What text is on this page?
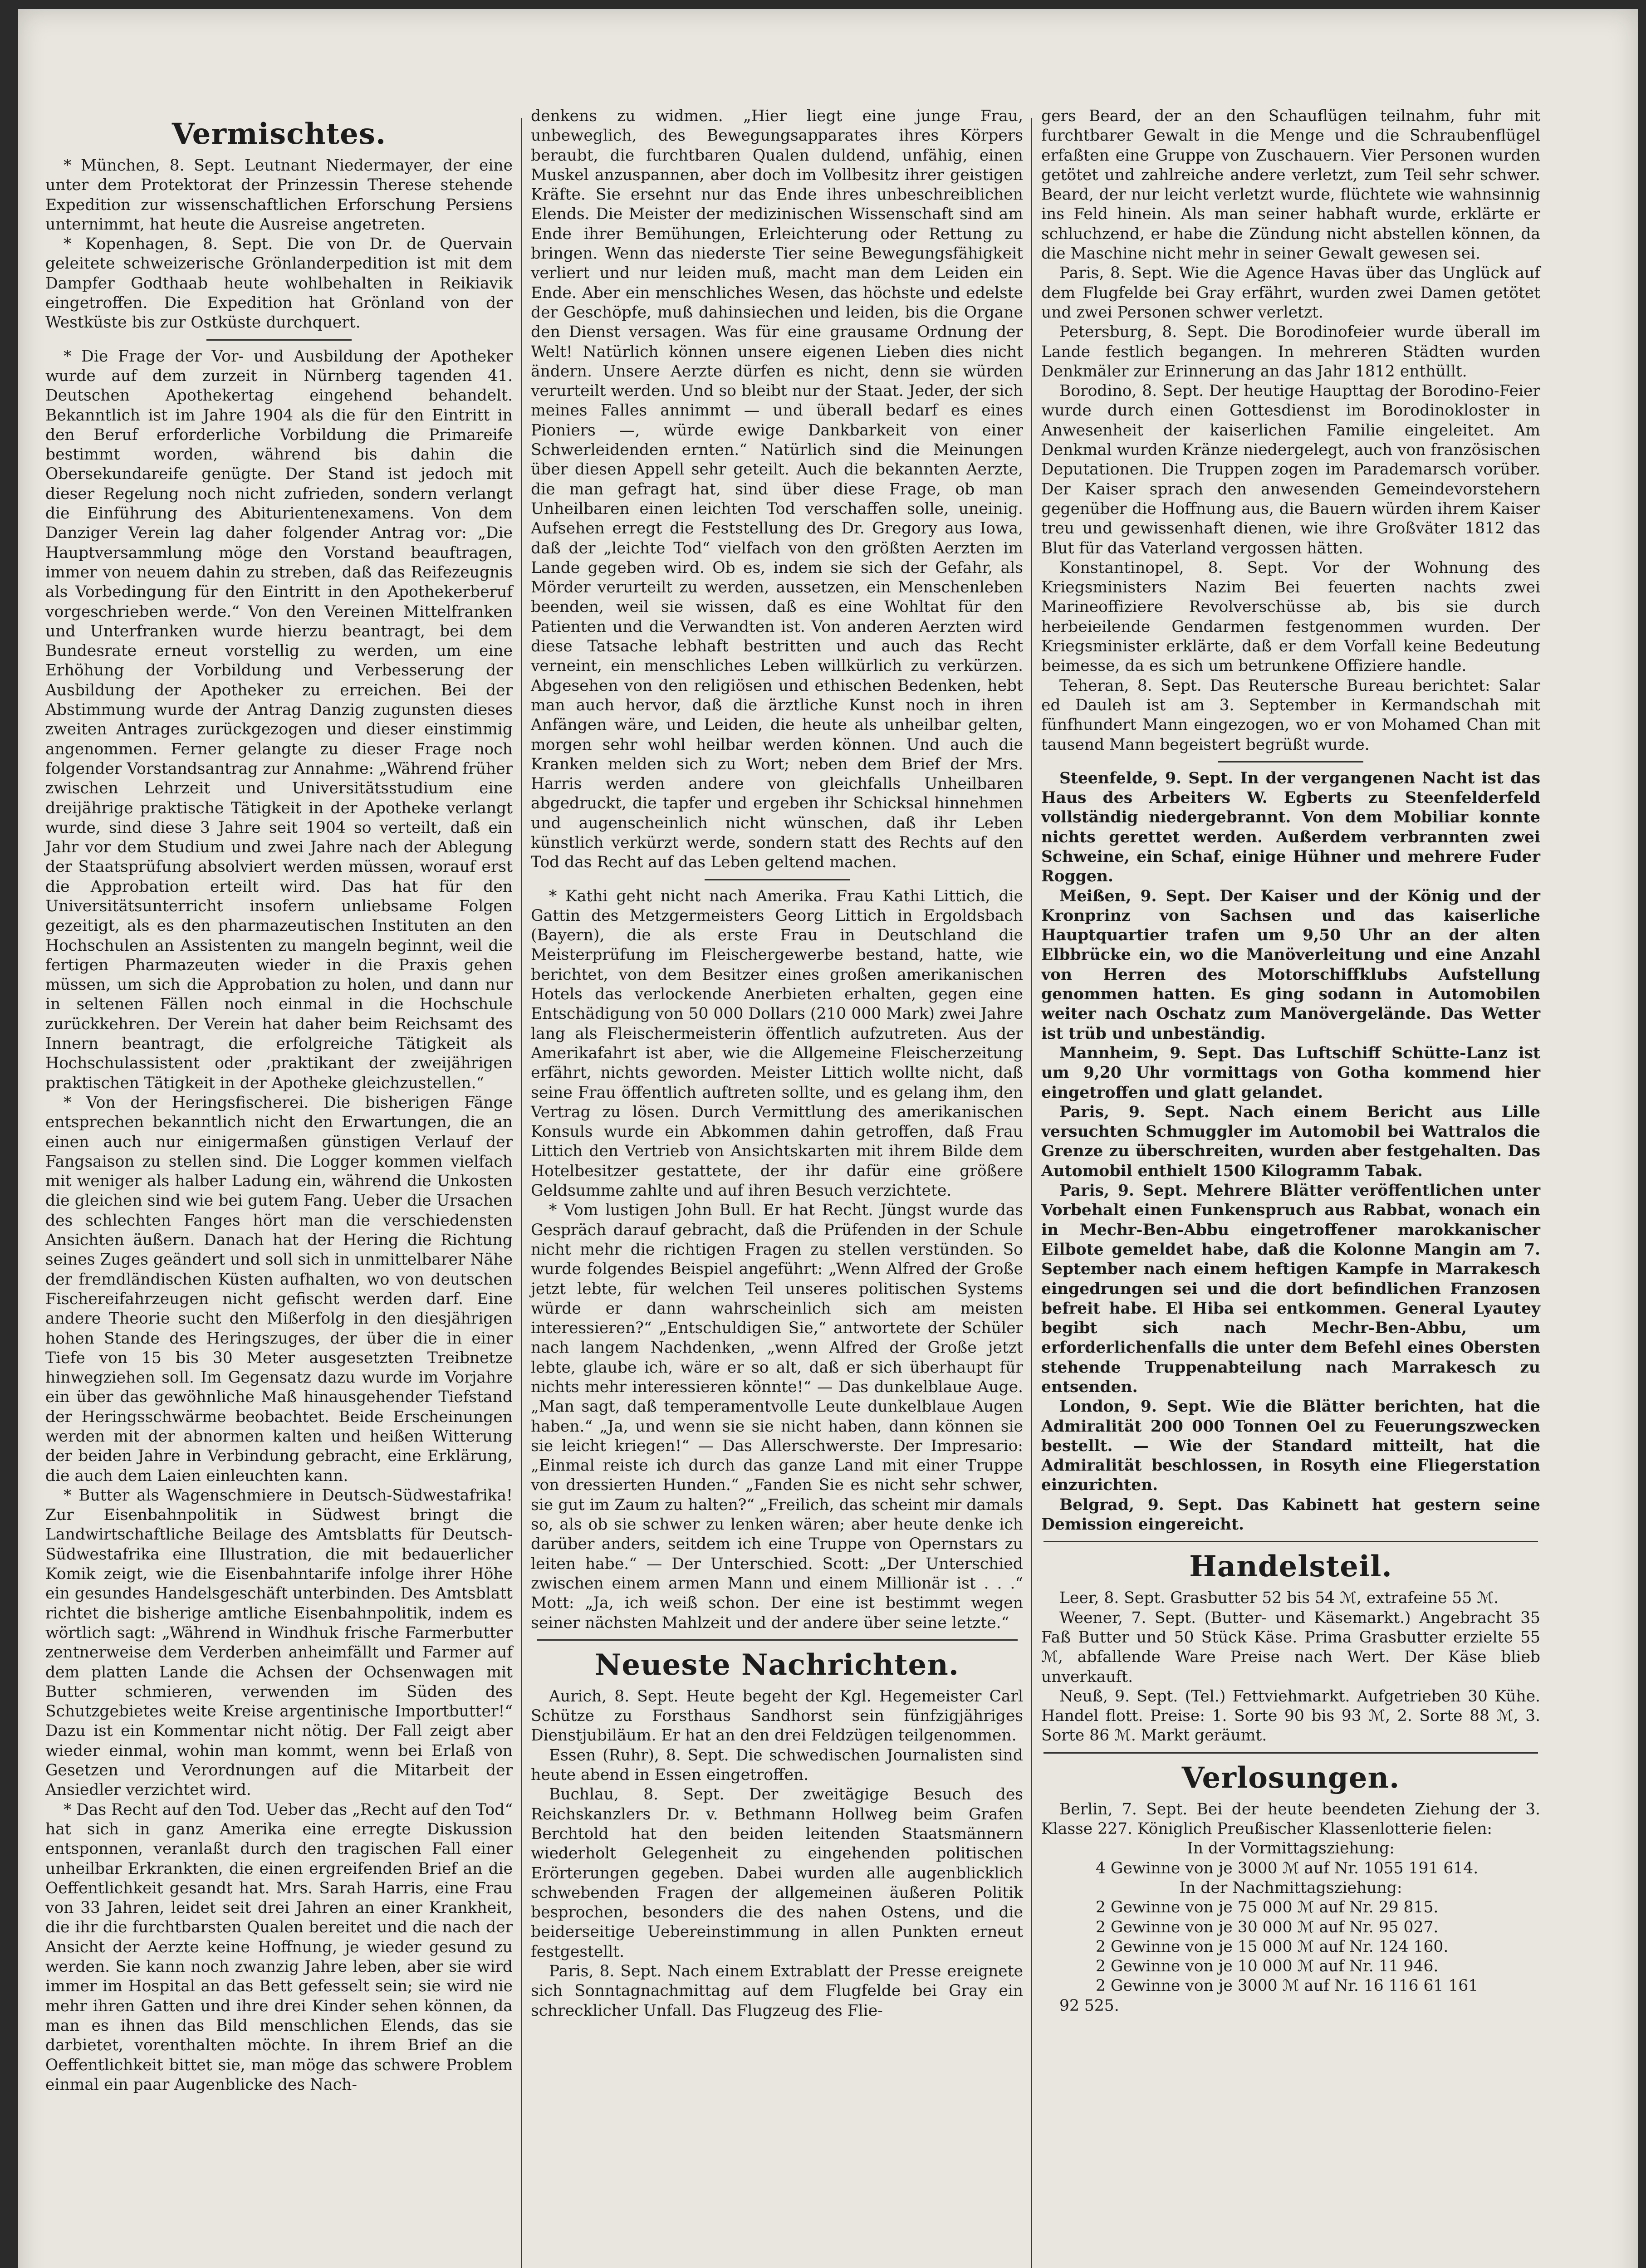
Vermischtes.

* München, 8. Sept. Leutnant Niedermayer, der eine unter dem Protektorat der Prinzessin Therese stehende Expedition zur wissenschaftlichen Erforschung Persiens unternimmt, hat heute die Ausreise angetreten.

* Kopenhagen, 8. Sept. Die von Dr. de Quervain geleitete schweizerische Grönlanderpedition ist mit dem Dampfer Godthaab heute wohlbehalten in Reikiavik eingetroffen. Die Expedition hat Grönland von der Westküste bis zur Ostküste durchquert.

* Die Frage der Vor- und Ausbildung der Apotheker wurde auf dem zurzeit in Nürnberg tagenden 41. Deutschen Apothekertag eingehend behandelt. Bekanntlich ist im Jahre 1904 als die für den Eintritt in den Beruf erforderliche Vorbildung die Primareife bestimmt worden, während bis dahin die Obersekundareife genügte. Der Stand ist jedoch mit dieser Regelung noch nicht zufrieden, sondern verlangt die Einführung des Abiturientenexamens. Von dem Danziger Verein lag daher folgender Antrag vor: „Die Hauptversammlung möge den Vorstand beauftragen, immer von neuem dahin zu streben, daß das Reifezeugnis als Vorbedingung für den Eintritt in den Apothekerberuf vorgeschrieben werde.“ Von den Vereinen Mittelfranken und Unterfranken wurde hierzu beantragt, bei dem Bundesrate erneut vorstellig zu werden, um eine Erhöhung der Vorbildung und Verbesserung der Ausbildung der Apotheker zu erreichen. Bei der Abstimmung wurde der Antrag Danzig zugunsten dieses zweiten Antrages zurückgezogen und dieser einstimmig angenommen. Ferner gelangte zu dieser Frage noch folgender Vorstandsantrag zur Annahme: „Während früher zwischen Lehrzeit und Universitätsstudium eine dreijährige praktische Tätigkeit in der Apotheke verlangt wurde, sind diese 3 Jahre seit 1904 so verteilt, daß ein Jahr vor dem Studium und zwei Jahre nach der Ablegung der Staatsprüfung absolviert werden müssen, worauf erst die Approbation erteilt wird. Das hat für den Universitätsunterricht insofern unliebsame Folgen gezeitigt, als es den pharmazeutischen Instituten an den Hochschulen an Assistenten zu mangeln beginnt, weil die fertigen Pharmazeuten wieder in die Praxis gehen müssen, um sich die Approbation zu holen, und dann nur in seltenen Fällen noch einmal in die Hochschule zurückkehren. Der Verein hat daher beim Reichsamt des Innern beantragt, die erfolgreiche Tätigkeit als Hochschulassistent oder ‚praktikant der zweijährigen praktischen Tätigkeit in der Apotheke gleichzustellen.“

* Von der Heringsfischerei. Die bisherigen Fänge entsprechen bekanntlich nicht den Erwartungen, die an einen auch nur einigermaßen günstigen Verlauf der Fangsaison zu stellen sind. Die Logger kommen vielfach mit weniger als halber Ladung ein, während die Unkosten die gleichen sind wie bei gutem Fang. Ueber die Ursachen des schlechten Fanges hört man die verschiedensten Ansichten äußern. Danach hat der Hering die Richtung seines Zuges geändert und soll sich in unmittelbarer Nähe der fremdländischen Küsten aufhalten, wo von deutschen Fischereifahrzeugen nicht gefischt werden darf. Eine andere Theorie sucht den Mißerfolg in den diesjährigen hohen Stande des Heringszuges, der über die in einer Tiefe von 15 bis 30 Meter ausgesetzten Treibnetze hinwegziehen soll. Im Gegensatz dazu wurde im Vorjahre ein über das gewöhnliche Maß hinausgehender Tiefstand der Heringsschwärme beobachtet. Beide Erscheinungen werden mit der abnormen kalten und heißen Witterung der beiden Jahre in Verbindung gebracht, eine Erklärung, die auch dem Laien einleuchten kann.

* Butter als Wagenschmiere in Deutsch-Südwestafrika! Zur Eisenbahnpolitik in Südwest bringt die Landwirtschaftliche Beilage des Amtsblatts für Deutsch-Südwestafrika eine Illustration, die mit bedauerlicher Komik zeigt, wie die Eisenbahntarife infolge ihrer Höhe ein gesundes Handelsgeschäft unterbinden. Des Amtsblatt richtet die bisherige amtliche Eisenbahnpolitik, indem es wörtlich sagt: „Während in Windhuk frische Farmerbutter zentnerweise dem Verderben anheimfällt und Farmer auf dem platten Lande die Achsen der Ochsenwagen mit Butter schmieren, verwenden im Süden des Schutzgebietes weite Kreise argentinische Importbutter!“ Dazu ist ein Kommentar nicht nötig. Der Fall zeigt aber wieder einmal, wohin man kommt, wenn bei Erlaß von Gesetzen und Verordnungen auf die Mitarbeit der Ansiedler verzichtet wird.

* Das Recht auf den Tod. Ueber das „Recht auf den Tod“ hat sich in ganz Amerika eine erregte Diskussion entsponnen, veranlaßt durch den tragischen Fall einer unheilbar Erkrankten, die einen ergreifenden Brief an die Oeffentlichkeit gesandt hat. Mrs. Sarah Harris, eine Frau von 33 Jahren, leidet seit drei Jahren an einer Krankheit, die ihr die furchtbarsten Qualen bereitet und die nach der Ansicht der Aerzte keine Hoffnung, je wieder gesund zu werden. Sie kann noch zwanzig Jahre leben, aber sie wird immer im Hospital an das Bett gefesselt sein; sie wird nie mehr ihren Gatten und ihre drei Kinder sehen können, da man es ihnen das Bild menschlichen Elends, das sie darbietet, vorenthalten möchte. In ihrem Brief an die Oeffentlichkeit bittet sie, man möge das schwere Problem einmal ein paar Augenblicke des Nach-

denkens zu widmen. „Hier liegt eine junge Frau, unbeweglich, des Bewegungsapparates ihres Körpers beraubt, die furchtbaren Qualen duldend, unfähig, einen Muskel anzuspannen, aber doch im Vollbesitz ihrer geistigen Kräfte. Sie ersehnt nur das Ende ihres unbeschreiblichen Elends. Die Meister der medizinischen Wissenschaft sind am Ende ihrer Bemühungen, Erleichterung oder Rettung zu bringen. Wenn das niederste Tier seine Bewegungsfähigkeit verliert und nur leiden muß, macht man dem Leiden ein Ende. Aber ein menschliches Wesen, das höchste und edelste der Geschöpfe, muß dahinsiechen und leiden, bis die Organe den Dienst versagen. Was für eine grausame Ordnung der Welt! Natürlich können unsere eigenen Lieben dies nicht ändern. Unsere Aerzte dürfen es nicht, denn sie würden verurteilt werden. Und so bleibt nur der Staat. Jeder, der sich meines Falles annimmt — und überall bedarf es eines Pioniers —, würde ewige Dankbarkeit von einer Schwerleidenden ernten.“ Natürlich sind die Meinungen über diesen Appell sehr geteilt. Auch die bekannten Aerzte, die man gefragt hat, sind über diese Frage, ob man Unheilbaren einen leichten Tod verschaffen solle, uneinig. Aufsehen erregt die Feststellung des Dr. Gregory aus Iowa, daß der „leichte Tod“ vielfach von den größten Aerzten im Lande gegeben wird. Ob es, indem sie sich der Gefahr, als Mörder verurteilt zu werden, aussetzen, ein Menschenleben beenden, weil sie wissen, daß es eine Wohltat für den Patienten und die Verwandten ist. Von anderen Aerzten wird diese Tatsache lebhaft bestritten und auch das Recht verneint, ein menschliches Leben willkürlich zu verkürzen. Abgesehen von den religiösen und ethischen Bedenken, hebt man auch hervor, daß die ärztliche Kunst noch in ihren Anfängen wäre, und Leiden, die heute als unheilbar gelten, morgen sehr wohl heilbar werden können. Und auch die Kranken melden sich zu Wort; neben dem Brief der Mrs. Harris werden andere von gleichfalls Unheilbaren abgedruckt, die tapfer und ergeben ihr Schicksal hinnehmen und augenscheinlich nicht wünschen, daß ihr Leben künstlich verkürzt werde, sondern statt des Rechts auf den Tod das Recht auf das Leben geltend machen.

* Kathi geht nicht nach Amerika. Frau Kathi Littich, die Gattin des Metzgermeisters Georg Littich in Ergoldsbach (Bayern), die als erste Frau in Deutschland die Meisterprüfung im Fleischergewerbe bestand, hatte, wie berichtet, von dem Besitzer eines großen amerikanischen Hotels das verlockende Anerbieten erhalten, gegen eine Entschädigung von 50 000 Dollars (210 000 Mark) zwei Jahre lang als Fleischermeisterin öffentlich aufzutreten. Aus der Amerikafahrt ist aber, wie die Allgemeine Fleischerzeitung erfährt, nichts geworden. Meister Littich wollte nicht, daß seine Frau öffentlich auftreten sollte, und es gelang ihm, den Vertrag zu lösen. Durch Vermittlung des amerikanischen Konsuls wurde ein Abkommen dahin getroffen, daß Frau Littich den Vertrieb von Ansichtskarten mit ihrem Bilde dem Hotelbesitzer gestattete, der ihr dafür eine größere Geldsumme zahlte und auf ihren Besuch verzichtete.

* Vom lustigen John Bull. Er hat Recht. Jüngst wurde das Gespräch darauf gebracht, daß die Prüfenden in der Schule nicht mehr die richtigen Fragen zu stellen verstünden. So wurde folgendes Beispiel angeführt: „Wenn Alfred der Große jetzt lebte, für welchen Teil unseres politischen Systems würde er dann wahrscheinlich sich am meisten interessieren?“ „Entschuldigen Sie,“ antwortete der Schüler nach langem Nachdenken, „wenn Alfred der Große jetzt lebte, glaube ich, wäre er so alt, daß er sich überhaupt für nichts mehr interessieren könnte!“ — Das dunkelblaue Auge. „Man sagt, daß temperamentvolle Leute dunkelblaue Augen haben.“ „Ja, und wenn sie sie nicht haben, dann können sie sie leicht kriegen!“ — Das Allerschwerste. Der Impresario: „Einmal reiste ich durch das ganze Land mit einer Truppe von dressierten Hunden.“ „Fanden Sie es nicht sehr schwer, sie gut im Zaum zu halten?“ „Freilich, das scheint mir damals so, als ob sie schwer zu lenken wären; aber heute denke ich darüber anders, seitdem ich eine Truppe von Opernstars zu leiten habe.“ — Der Unterschied. Scott: „Der Unterschied zwischen einem armen Mann und einem Millionär ist . . .“ Mott: „Ja, ich weiß schon. Der eine ist bestimmt wegen seiner nächsten Mahlzeit und der andere über seine letzte.“

Neueste Nachrichten.

Aurich, 8. Sept. Heute begeht der Kgl. Hegemeister Carl Schütze zu Forsthaus Sandhorst sein fünfzigjähriges Dienstjubiläum. Er hat an den drei Feldzügen teilgenommen.

Essen (Ruhr), 8. Sept. Die schwedischen Journalisten sind heute abend in Essen eingetroffen.

Buchlau, 8. Sept. Der zweitägige Besuch des Reichskanzlers Dr. v. Bethmann Hollweg beim Grafen Berchtold hat den beiden leitenden Staatsmännern wiederholt Gelegenheit zu eingehenden politischen Erörterungen gegeben. Dabei wurden alle augenblicklich schwebenden Fragen der allgemeinen äußeren Politik besprochen, besonders die des nahen Ostens, und die beiderseitige Uebereinstimmung in allen Punkten erneut festgestellt.

Paris, 8. Sept. Nach einem Extrablatt der Presse ereignete sich Sonntagnachmittag auf dem Flugfelde bei Gray ein schrecklicher Unfall. Das Flugzeug des Flie-

gers Beard, der an den Schauflügen teilnahm, fuhr mit furchtbarer Gewalt in die Menge und die Schraubenflügel erfaßten eine Gruppe von Zuschauern. Vier Personen wurden getötet und zahlreiche andere verletzt, zum Teil sehr schwer. Beard, der nur leicht verletzt wurde, flüchtete wie wahnsinnig ins Feld hinein. Als man seiner habhaft wurde, erklärte er schluchzend, er habe die Zündung nicht abstellen können, da die Maschine nicht mehr in seiner Gewalt gewesen sei.

Paris, 8. Sept. Wie die Agence Havas über das Unglück auf dem Flugfelde bei Gray erfährt, wurden zwei Damen getötet und zwei Personen schwer verletzt.

Petersburg, 8. Sept. Die Borodinofeier wurde überall im Lande festlich begangen. In mehreren Städten wurden Denkmäler zur Erinnerung an das Jahr 1812 enthüllt.

Borodino, 8. Sept. Der heutige Haupttag der Borodino-Feier wurde durch einen Gottesdienst im Borodinokloster in Anwesenheit der kaiserlichen Familie eingeleitet. Am Denkmal wurden Kränze niedergelegt, auch von französischen Deputationen. Die Truppen zogen im Parademarsch vorüber. Der Kaiser sprach den anwesenden Gemeindevorstehern gegenüber die Hoffnung aus, die Bauern würden ihrem Kaiser treu und gewissenhaft dienen, wie ihre Großväter 1812 das Blut für das Vaterland vergossen hätten.

Konstantinopel, 8. Sept. Vor der Wohnung des Kriegsministers Nazim Bei feuerten nachts zwei Marineoffiziere Revolverschüsse ab, bis sie durch herbeieilende Gendarmen festgenommen wurden. Der Kriegsminister erklärte, daß er dem Vorfall keine Bedeutung beimesse, da es sich um betrunkene Offiziere handle.

Teheran, 8. Sept. Das Reutersche Bureau berichtet: Salar ed Dauleh ist am 3. September in Kermandschah mit fünfhundert Mann eingezogen, wo er von Mohamed Chan mit tausend Mann begeistert begrüßt wurde.

Steenfelde, 9. Sept. In der vergangenen Nacht ist das Haus des Arbeiters W. Egberts zu Steenfelderfeld vollständig niedergebrannt. Von dem Mobiliar konnte nichts gerettet werden. Außerdem verbrannten zwei Schweine, ein Schaf, einige Hühner und mehrere Fuder Roggen.

Meißen, 9. Sept. Der Kaiser und der König und der Kronprinz von Sachsen und das kaiserliche Hauptquartier trafen um 9,50 Uhr an der alten Elbbrücke ein, wo die Manöverleitung und eine Anzahl von Herren des Motorschiffklubs Aufstellung genommen hatten. Es ging sodann in Automobilen weiter nach Oschatz zum Manövergelände. Das Wetter ist trüb und unbeständig.

Mannheim, 9. Sept. Das Luftschiff Schütte-Lanz ist um 9,20 Uhr vormittags von Gotha kommend hier eingetroffen und glatt gelandet.

Paris, 9. Sept. Nach einem Bericht aus Lille versuchten Schmuggler im Automobil bei Wattralos die Grenze zu überschreiten, wurden aber festgehalten. Das Automobil enthielt 1500 Kilogramm Tabak.

Paris, 9. Sept. Mehrere Blätter veröffentlichen unter Vorbehalt einen Funkenspruch aus Rabbat, wonach ein in Mechr-Ben-Abbu eingetroffener marokkanischer Eilbote gemeldet habe, daß die Kolonne Mangin am 7. September nach einem heftigen Kampfe in Marrakesch eingedrungen sei und die dort befindlichen Franzosen befreit habe. El Hiba sei entkommen. General Lyautey begibt sich nach Mechr-Ben-Abbu, um erforderlichenfalls die unter dem Befehl eines Obersten stehende Truppenabteilung nach Marrakesch zu entsenden.

London, 9. Sept. Wie die Blätter berichten, hat die Admiralität 200 000 Tonnen Oel zu Feuerungszwecken bestellt. — Wie der Standard mitteilt, hat die Admiralität beschlossen, in Rosyth eine Fliegerstation einzurichten.

Belgrad, 9. Sept. Das Kabinett hat gestern seine Demission eingereicht.

Handelsteil.

Leer, 8. Sept. Grasbutter 52 bis 54 ℳ, extrafeine 55 ℳ.

Weener, 7. Sept. (Butter- und Käsemarkt.) Angebracht 35 Faß Butter und 50 Stück Käse. Prima Grasbutter erzielte 55 ℳ, abfallende Ware Preise nach Wert. Der Käse blieb unverkauft.

Neuß, 9. Sept. (Tel.) Fettviehmarkt. Aufgetrieben 30 Kühe. Handel flott. Preise: 1. Sorte 90 bis 93 ℳ, 2. Sorte 88 ℳ, 3. Sorte 86 ℳ. Markt geräumt.

Verlosungen.

Berlin, 7. Sept. Bei der heute beendeten Ziehung der 3. Klasse 227. Königlich Preußischer Klassenlotterie fielen:

In der Vormittagsziehung:

4 Gewinne von je 3000 ℳ auf Nr. 1055 191 614.

In der Nachmittagsziehung:

2 Gewinne von je 75 000 ℳ auf Nr. 29 815.

2 Gewinne von je 30 000 ℳ auf Nr. 95 027.

2 Gewinne von je 15 000 ℳ auf Nr. 124 160.

2 Gewinne von je 10 000 ℳ auf Nr. 11 946.

2 Gewinne von je 3000 ℳ auf Nr. 16 116 61 161

92 525.
